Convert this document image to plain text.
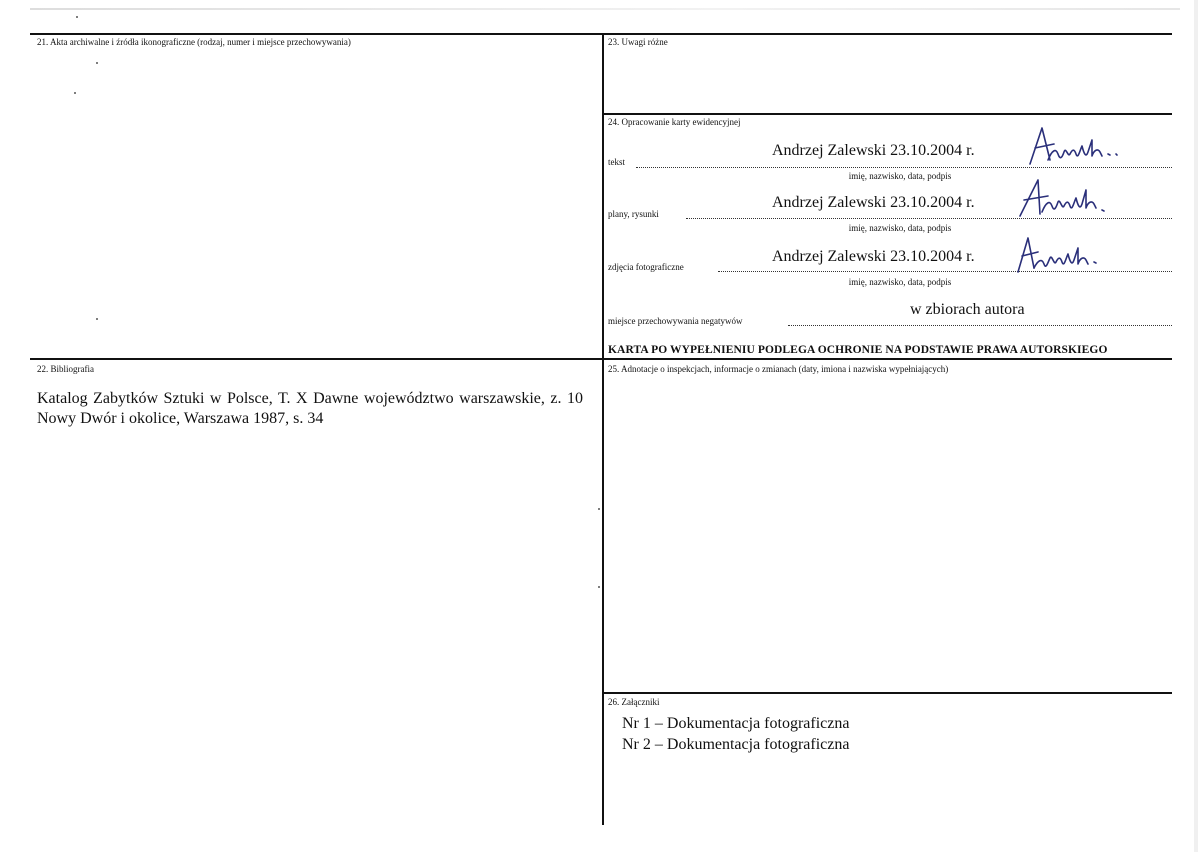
21. Akta archiwalne i źródła ikonograficzne (rodzaj, numer i miejsce przechowywania)
22. Bibliografia
Katalog Zabytków Sztuki w Polsce, T. X Dawne województwo warszawskie, z. 10 Nowy Dwór i okolice, Warszawa 1987, s. 34
23. Uwagi różne
24. Opracowanie karty ewidencyjnej
tekst
Andrzej Zalewski 23.10.2004 r.
imię, nazwisko, data, podpis
plany, rysunki
Andrzej Zalewski 23.10.2004 r.
imię, nazwisko, data, podpis
zdjęcia fotograficzne
Andrzej Zalewski 23.10.2004 r.
imię, nazwisko, data, podpis
miejsce przechowywania negatywów
w zbiorach autora
KARTA PO WYPEŁNIENIU PODLEGA OCHRONIE NA PODSTAWIE PRAWA AUTORSKIEGO
25. Adnotacje o inspekcjach, informacje o zmianach (daty, imiona i nazwiska wypełniających)
26. Załączniki
Nr 1 – Dokumentacja fotograficzna
Nr 2 – Dokumentacja fotograficzna
